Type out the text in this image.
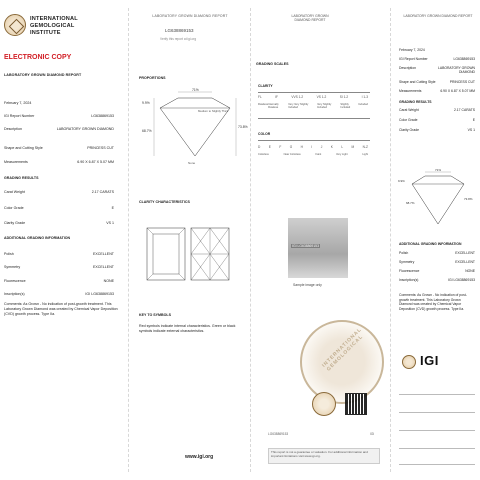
INTERNATIONAL
GEMOLOGICAL
INSTITUTE
ELECTRONIC COPY
LABORATORY GROWN DIAMOND REPORT
February 7, 2024
IGI Report Number	LG638869153
Description	LABORATORY GROWN DIAMOND
Shape and Cutting Style	PRINCESS CUT
Measurements	6.90 X 6.87 X 5.07 MM
GRADING RESULTS
Carat Weight	2.17 CARATS
Color Grade	E
Clarity Grade	VS 1
ADDITIONAL GRADING INFORMATION
Polish	EXCELLENT
Symmetry	EXCELLENT
Fluorescence	NONE
Inscription(s)	IGI LG638869153
Comments: As Grown - No indication of post-growth treatment. This Laboratory Grown Diamond was created by Chemical Vapor Deposition (CVD) growth process. Type IIa.
LABORATORY GROWN DIAMOND REPORT
LG638869153
Verify this report at igi.org
PROPORTIONS
71%
9.9%
68.7%
73.8%
Medium to Slightly Thick
None
CLARITY CHARACTERISTICS
KEY TO SYMBOLS
Red symbols indicate internal characteristics. Green or black symbols indicate external characteristics.
www.igi.org
LABORATORY GROWN
DIAMOND REPORT
GRADING SCALES
CLARITY
FL	IF	VVS 1-2	VS 1-2	SI 1-2	I 1-3
Flawless Internally Flawless
Very Very Slightly Included
Very Slightly Included
Slightly Included
Included
COLOR
D	E	F	G	H	I	J	K	L	M	N-Z
Colorless	Near Colorless	Faint	Very Light	Light
IGI LG638869153
Sample image only
INTERNATIONAL GEMOLOGICAL
LG638869153	IGI
This report is not a guarantee or valuation. For additional information and important limitations visit www.igi.org.
LABORATORY GROWN DIAMOND REPORT
February 7, 2024
IGI Report Number	LG638869153
Description	LABORATORY GROWN DIAMOND
Shape and Cutting Style	PRINCESS CUT
Measurements	6.90 X 6.87 X 5.07 MM
GRADING RESULTS
Carat Weight	2.17 CARATS
Color Grade	E
Clarity Grade	VS 1
71%
9.9%
68.7%
73.8%
ADDITIONAL GRADING INFORMATION
Polish	EXCELLENT
Symmetry	EXCELLENT
Fluorescence	NONE
Inscription(s)	IGI LG638869153
Comments: As Grown - No indication of post-growth treatment. This Laboratory Grown Diamond was created by Chemical Vapor Deposition (CVD) growth process. Type IIa.
IGI
